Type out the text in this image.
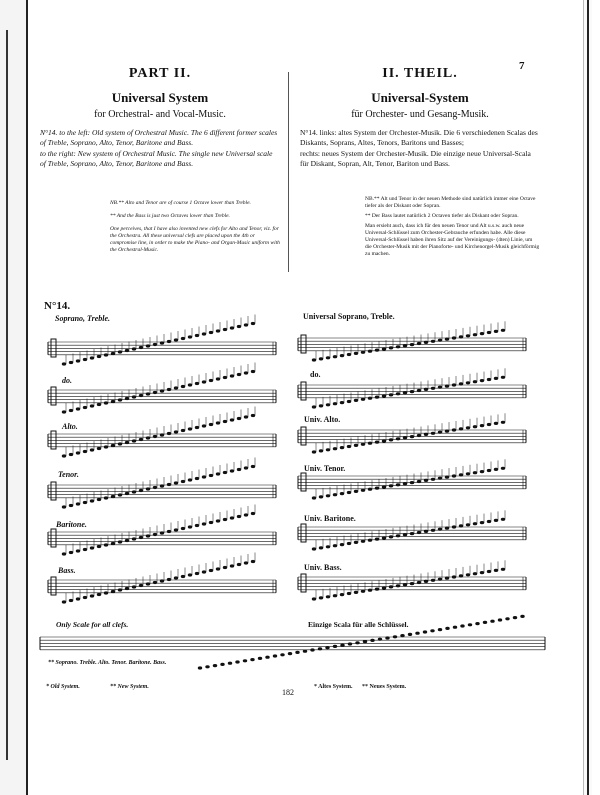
7
PART II.
Universal System
for Orchestral- and Vocal-Music.
N°14. to the left: Old system of Orchestral Music. The 6 different former scales of Treble, Soprano, Alto, Tenor, Baritone and Bass.
to the right: New system of Orchestral Music. The single new Universal scale of Treble, Soprano, Alto, Tenor, Baritone and Bass.
NB.** Alto and Tenor are of course 1 Octave lower than Treble.
** And the Bass is just two Octaves lower than Treble.
One perceives, that I have also invented new clefs for Alto and Tenor, viz. for the Orchestra. All these universal clefs are placed upon the 4th or compromise line, in order to make the Piano- and Organ-Music uniform with the Orchestral-Music.
II. THEIL.
Universal-System
für Orchester- und Gesang-Musik.
N°14. links: altes System der Orchester-Musik. Die 6 verschiedenen Scalas des Diskants, Soprans, Altes, Tenors, Baritons und Basses;
rechts: neues System der Orchester-Musik. Die einzige neue Universal-Scala für Diskant, Sopran, Alt, Tenor, Bariton und Bass.
NB.** Alt und Tenor in der neuen Methode sind natürlich immer eine Octave tiefer als der Diskant oder Sopran.
** Der Bass lautet natürlich 2 Octaven tiefer als Diskant oder Sopran.
Man ersieht auch, dass ich für den neuen Tenor und Alt u.s.w. auch neue Universal-Schlüssel zum Orchester-Gebrauche erfunden habe. Alle diese Universal-Schlüssel haben ihren Sitz auf der Vereinigungs- (4ten) Linie, um die Orchester-Musik mit der Pianoforte- und Kirchenorgel-Musik gleichförmig zu machen.
N°14.
Soprano, Treble.
do.
Alto.
Tenor.
Baritone.
Bass.
Universal Soprano, Treble.
do.
Univ. Alto.
Univ. Tenor.
Univ. Baritone.
Univ. Bass.
Only Scale for all clefs.	Einzige Scala für alle Schlüssel.
** Soprano. Treble. Alto. Tenor. Baritone. Bass.
* Old System.	** New System.	* Altes System. ** Neues System.
182
